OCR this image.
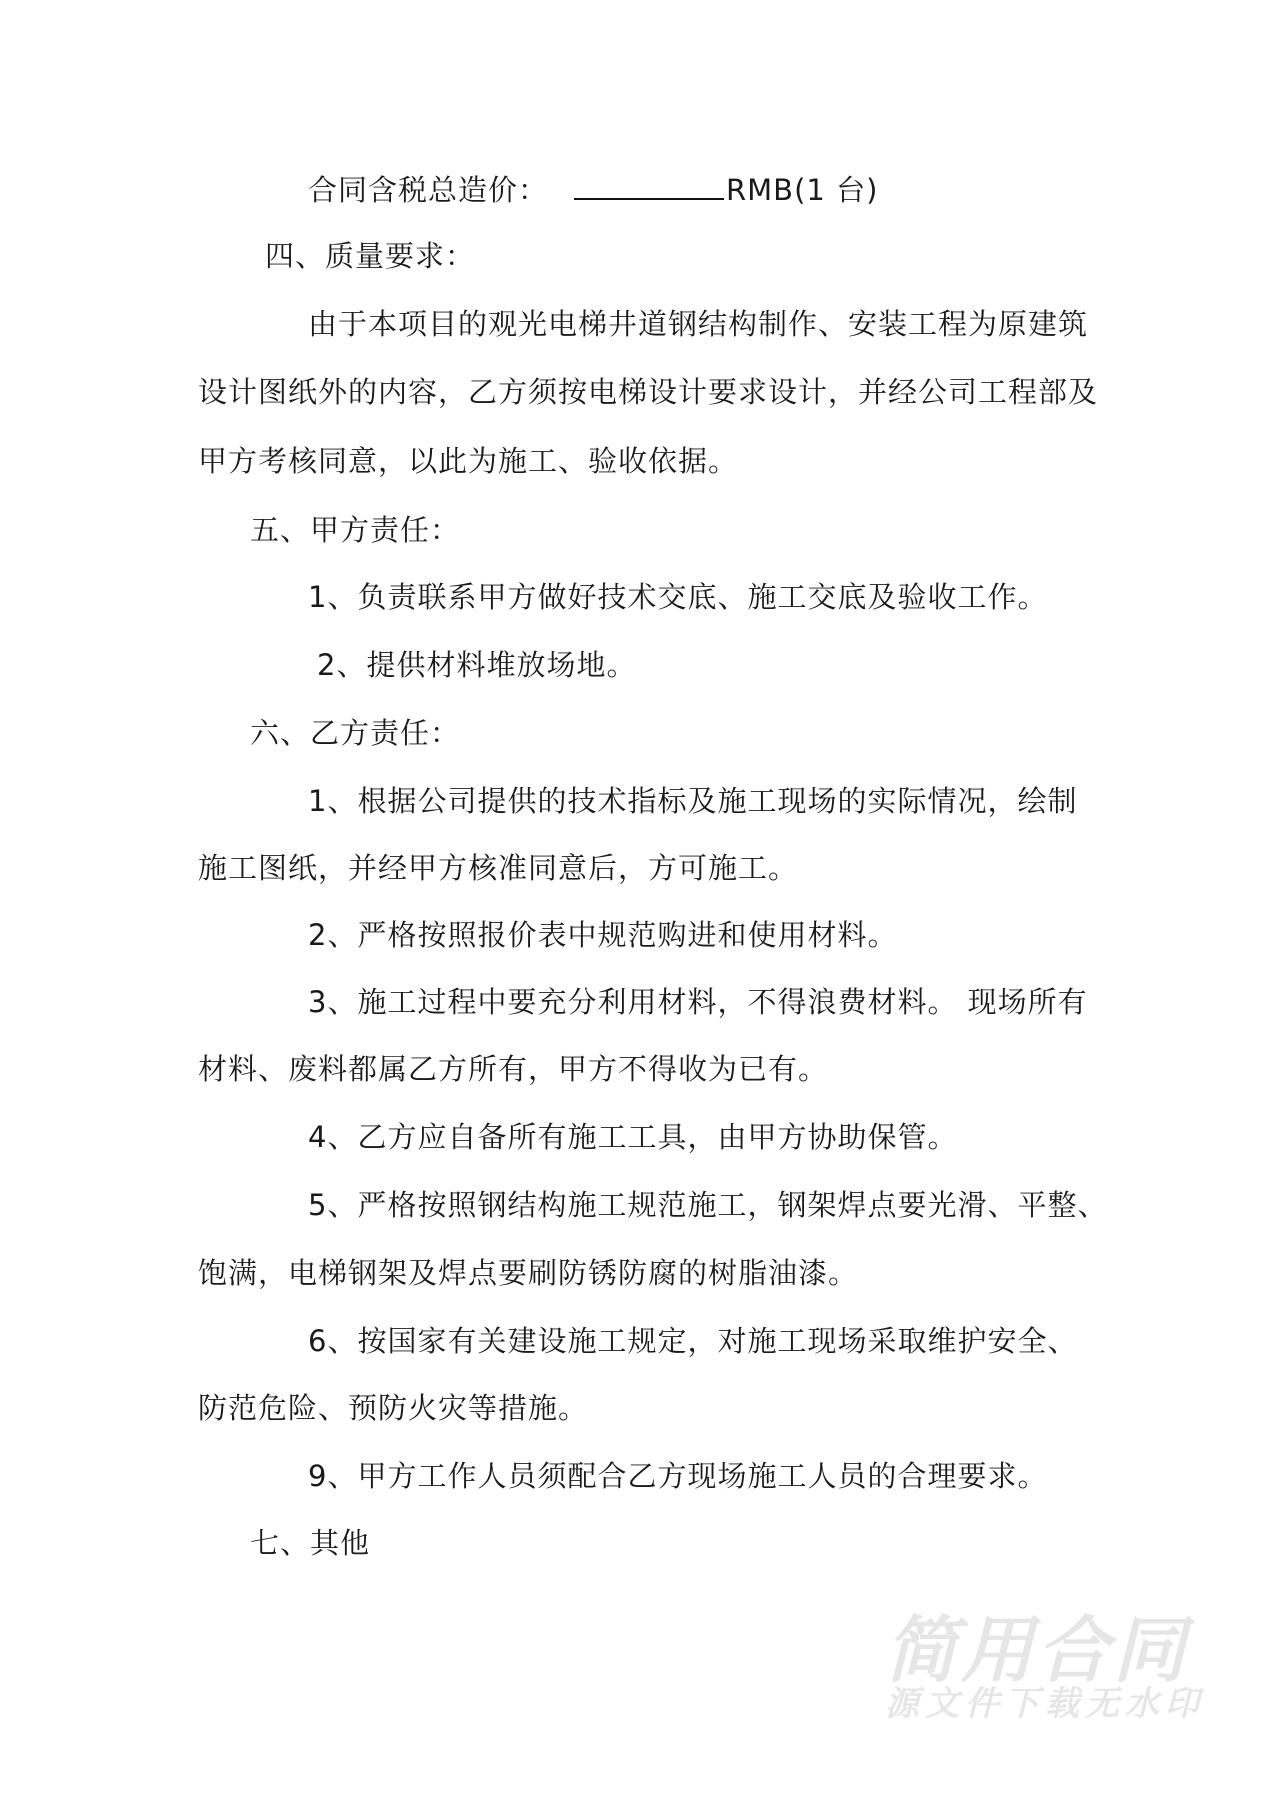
合同含税总造价：	RMB(1 台)
四、质量要求：
由于本项目的观光电梯井道钢结构制作、安装工程为原建筑
设计图纸外的内容，乙方须按电梯设计要求设计，并经公司工程部及
甲方考核同意，以此为施工、验收依据。
五、甲方责任：
1、负责联系甲方做好技术交底、施工交底及验收工作。
2、提供材料堆放场地。
六、乙方责任：
1、根据公司提供的技术指标及施工现场的实际情况，绘制
施工图纸，并经甲方核准同意后，方可施工。
2、严格按照报价表中规范购进和使用材料。
3、施工过程中要充分利用材料，不得浪费材料。 现场所有
材料、废料都属乙方所有，甲方不得收为已有。
4、乙方应自备所有施工工具，由甲方协助保管。
5、严格按照钢结构施工规范施工，钢架焊点要光滑、平整、
饱满，电梯钢架及焊点要刷防锈防腐的树脂油漆。
6、按国家有关建设施工规定，对施工现场采取维护安全、
防范危险、预防火灾等措施。
9、甲方工作人员须配合乙方现场施工人员的合理要求。
七、其他
简用合同
源文件下载无水印
